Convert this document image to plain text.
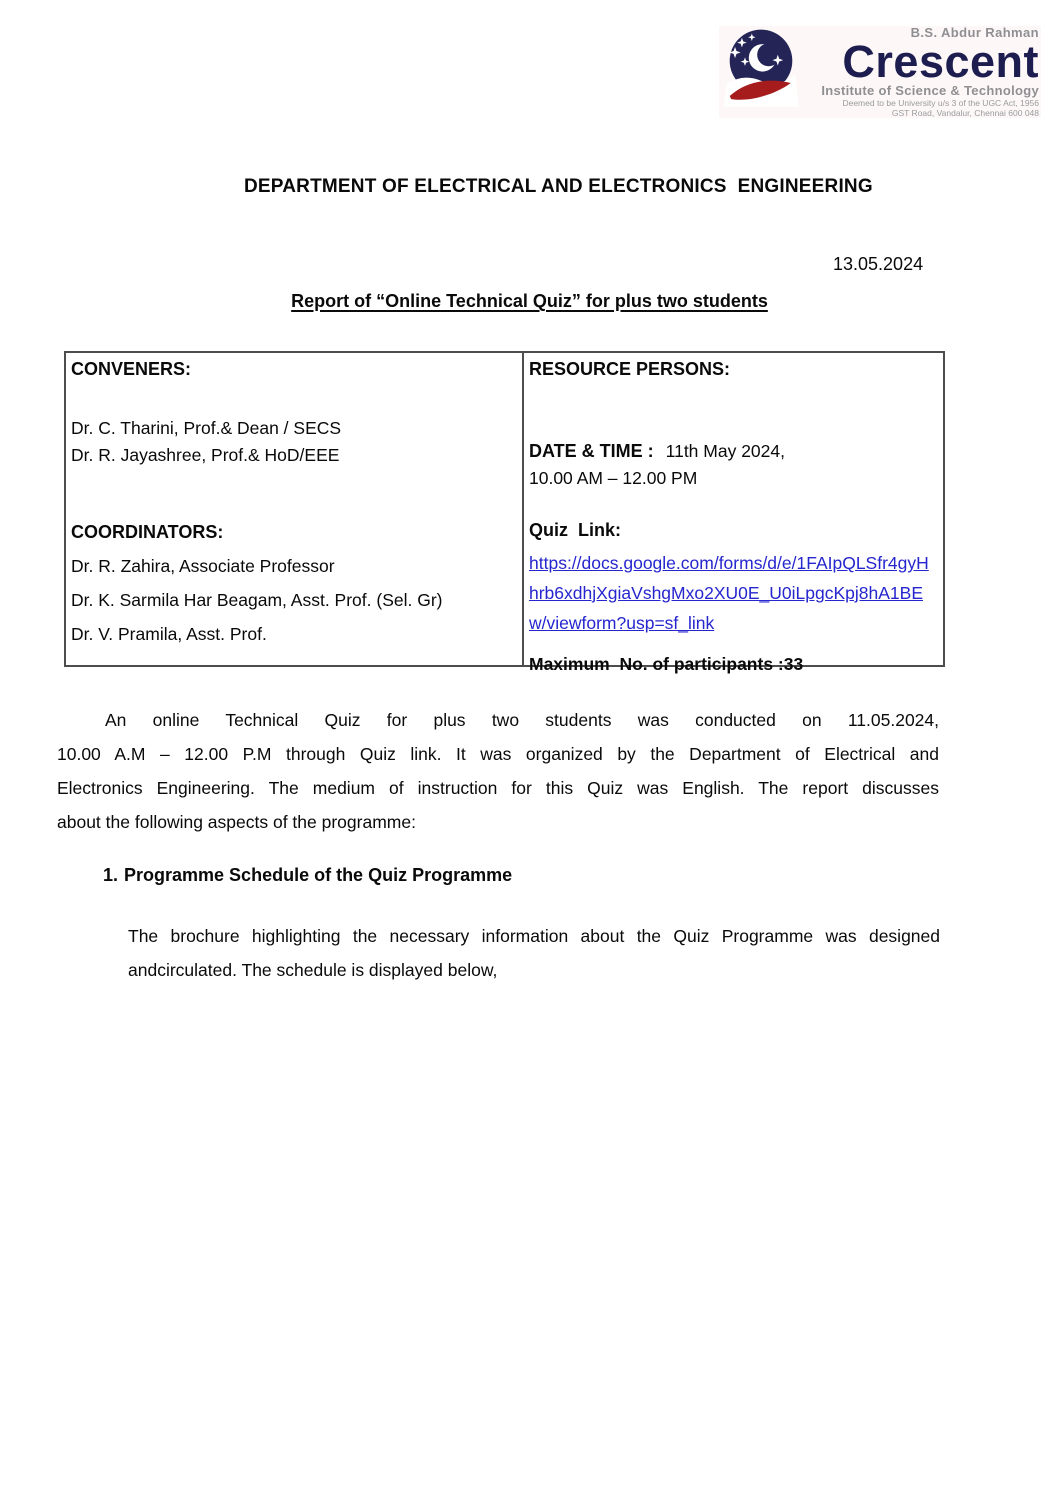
B.S. Abdur Rahman
Crescent
Institute of Science & Technology
Deemed to be University u/s 3 of the UGC Act, 1956
GST Road, Vandalur, Chennai 600 048
DEPARTMENT OF ELECTRICAL AND ELECTRONICS  ENGINEERING
13.05.2024
Report of “Online Technical Quiz” for plus two students
CONVENERS:
Dr. C. Tharini, Prof.& Dean / SECS
Dr. R. Jayashree, Prof.& HoD/EEE
COORDINATORS:
Dr. R. Zahira, Associate Professor
Dr. K. Sarmila Har Beagam, Asst. Prof. (Sel. Gr)
Dr. V. Pramila, Asst. Prof.
RESOURCE PERSONS:
DATE & TIME : 11th May 2024,
10.00 AM – 12.00 PM
Quiz  Link:
https://docs.google.com/forms/d/e/1FAIpQLSfr4gyHhrb6xdhjXgiaVshgMxo2XU0E_U0iLpgcKpj8hA1BEw/viewform?usp=sf_link
Maximum  No. of participants :33
An online Technical Quiz for plus two students was conducted on 11.05.2024,
10.00 A.M – 12.00 P.M through Quiz link. It was organized by the Department of Electrical and
Electronics Engineering. The medium of instruction for this Quiz was English. The report discusses
about the following aspects of the programme:
1. Programme Schedule of the Quiz Programme
The brochure highlighting the necessary information about the Quiz Programme was designed
andcirculated. The schedule is displayed below,
